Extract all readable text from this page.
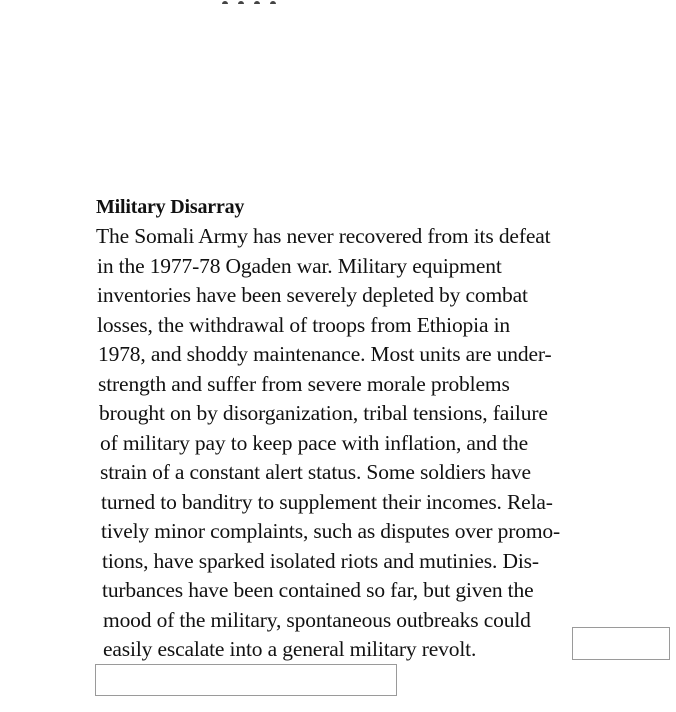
Military Disarray
The Somali Army has never recovered from its defeat
in the 1977-78 Ogaden war. Military equipment
inventories have been severely depleted by combat
losses, the withdrawal of troops from Ethiopia in
1978, and shoddy maintenance. Most units are under-
strength and suffer from severe morale problems
brought on by disorganization, tribal tensions, failure
of military pay to keep pace with inflation, and the
strain of a constant alert status. Some soldiers have
turned to banditry to supplement their incomes. Rela-
tively minor complaints, such as disputes over promo-
tions, have sparked isolated riots and mutinies. Dis-
turbances have been contained so far, but given the
mood of the military, spontaneous outbreaks could
easily escalate into a general military revolt.
